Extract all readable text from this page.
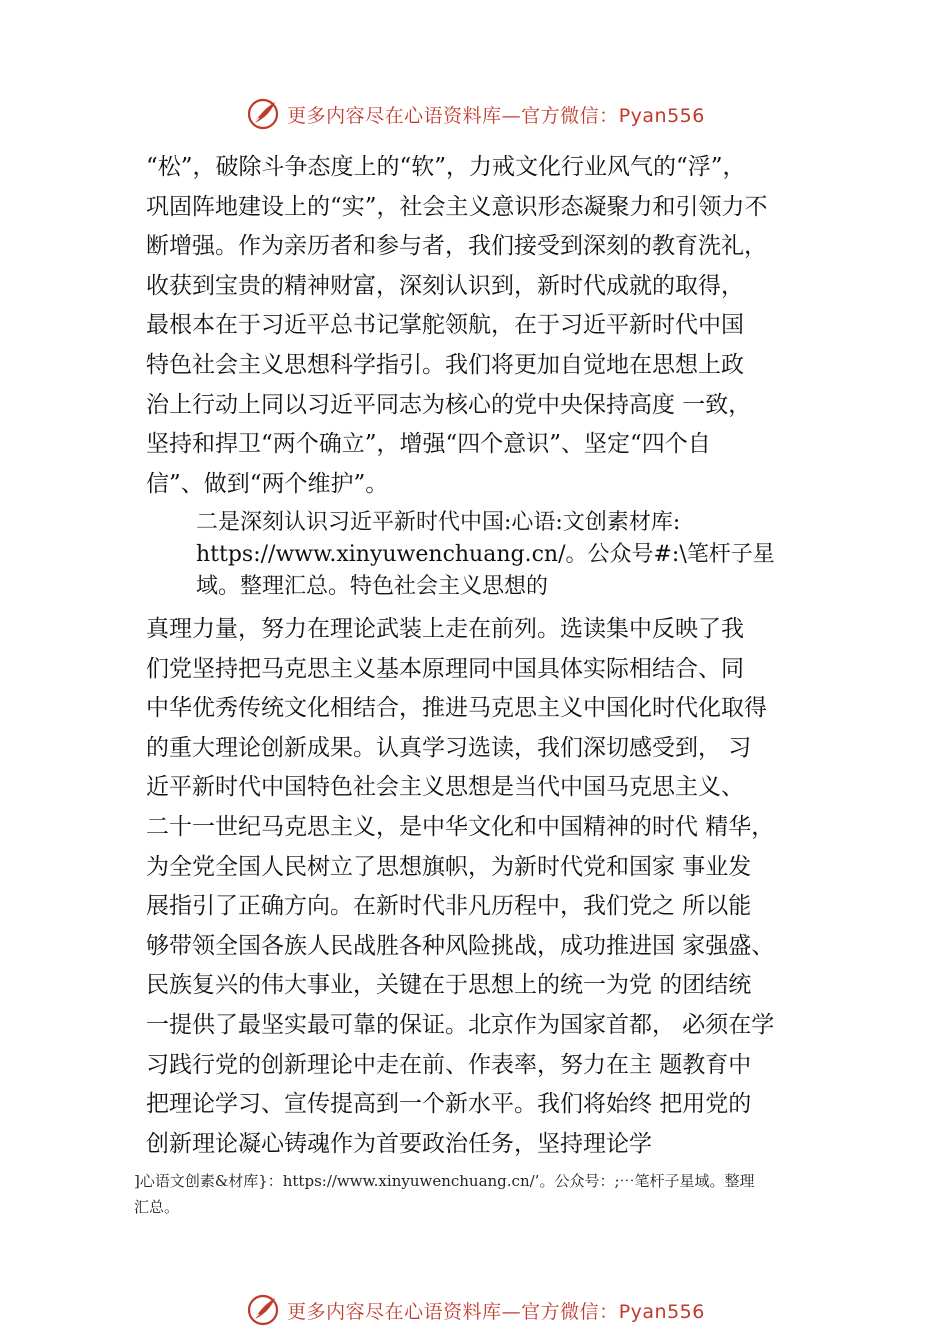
更多内容尽在心语资料库—官方微信：Pyan556
“松”，破除斗争态度上的“软”，力戒文化行业风气的“浮”，
巩固阵地建设上的“实”，社会主义意识形态凝聚力和引领力不
断增强。作为亲历者和参与者，我们接受到深刻的教育洗礼，
收获到宝贵的精神财富，深刻认识到，新时代成就的取得，
最根本在于习近平总书记掌舵领航，在于习近平新时代中国
特色社会主义思想科学指引。我们将更加自觉地在思想上政
治上行动上同以习近平同志为核心的党中央保持高度 一致，
坚持和捍卫“两个确立”，增强“四个意识”、坚定“四个自
信”、做到“两个维护”。
二是深刻认识习近平新时代中国:心语:文创素材库:
https://www.xinyuwenchuang.cn/。公众号#:\笔杆子星
域。整理汇总。特色社会主义思想的
真理力量，努力在理论武装上走在前列。选读集中反映了我
们党坚持把马克思主义基本原理同中国具体实际相结合、同
中华优秀传统文化相结合，推进马克思主义中国化时代化取得
的重大理论创新成果。认真学习选读，我们深切感受到， 习
近平新时代中国特色社会主义思想是当代中国马克思主义、
二十一世纪马克思主义，是中华文化和中国精神的时代 精华，
为全党全国人民树立了思想旗帜，为新时代党和国家 事业发
展指引了正确方向。在新时代非凡历程中，我们党之 所以能
够带领全国各族人民战胜各种风险挑战，成功推进国 家强盛、
民族复兴的伟大事业，关键在于思想上的统一为党 的团结统
一提供了最坚实最可靠的保证。北京作为国家首都， 必须在学
习践行党的创新理论中走在前、作表率，努力在主 题教育中
把理论学习、宣传提高到一个新水平。我们将始终 把用党的
创新理论凝心铸魂作为首要政治任务，坚持理论学
]心语文创素&材库}：https://www.xinyuwenchuang.cn/’。公众号：;⋯笔杆子星域。整理
汇总。
更多内容尽在心语资料库—官方微信：Pyan556
